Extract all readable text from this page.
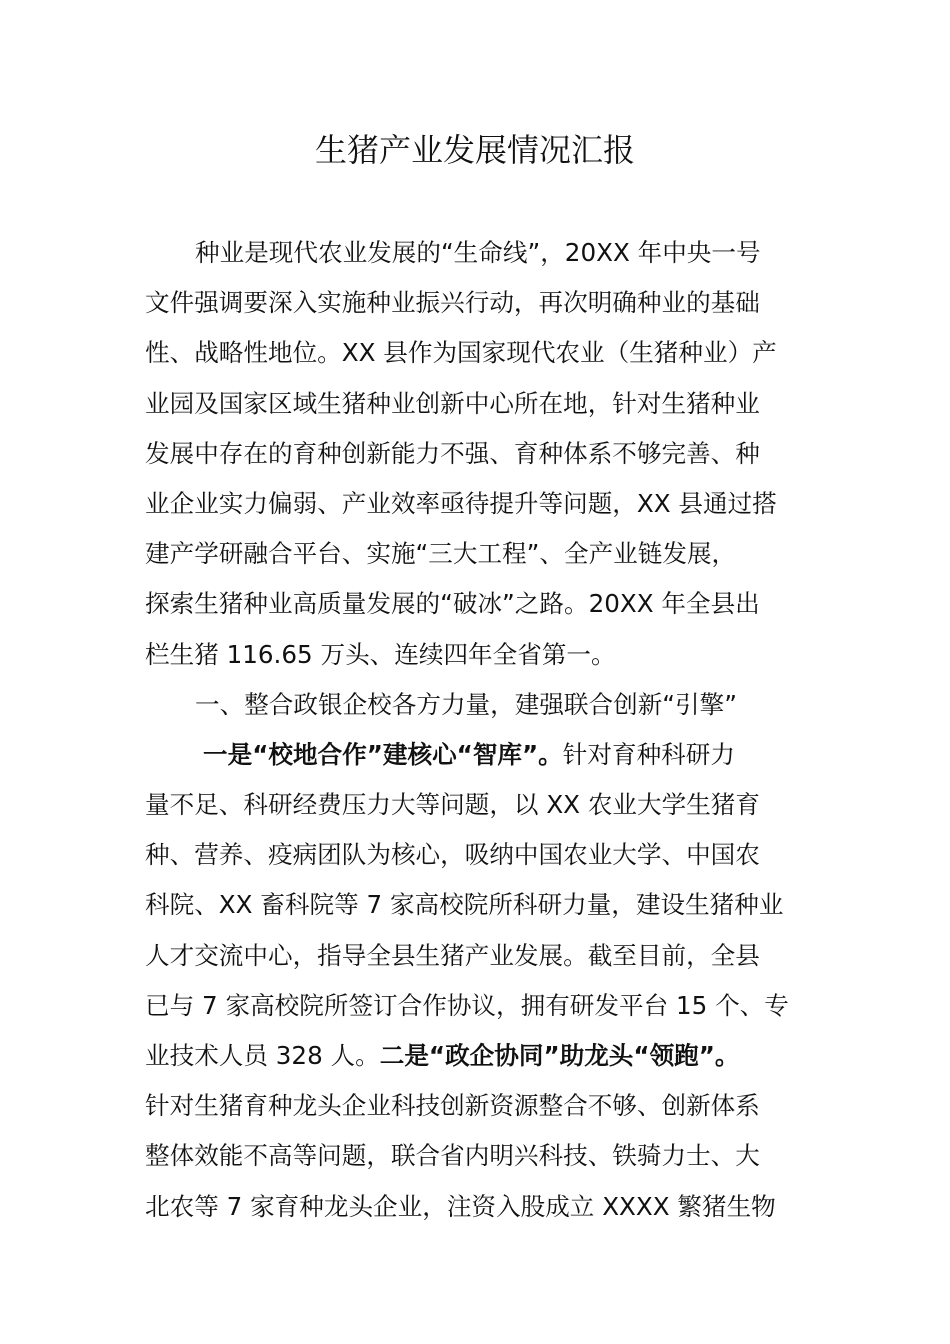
生猪产业发展情况汇报
种业是现代农业发展的“生命线”，20XX 年中央一号
文件强调要深入实施种业振兴行动，再次明确种业的基础
性、战略性地位。XX 县作为国家现代农业（生猪种业）产
业园及国家区域生猪种业创新中心所在地，针对生猪种业
发展中存在的育种创新能力不强、育种体系不够完善、种
业企业实力偏弱、产业效率亟待提升等问题，XX 县通过搭
建产学研融合平台、实施“三大工程”、全产业链发展，
探索生猪种业高质量发展的“破冰”之路。20XX 年全县出
栏生猪 116.65 万头、连续四年全省第一。
一、整合政银企校各方力量，建强联合创新“引擎”
一是“校地合作”建核心“智库”。针对育种科研力
量不足、科研经费压力大等问题，以 XX 农业大学生猪育
种、营养、疫病团队为核心，吸纳中国农业大学、中国农
科院、XX 畜科院等 7 家高校院所科研力量，建设生猪种业
人才交流中心，指导全县生猪产业发展。截至目前，全县
已与 7 家高校院所签订合作协议，拥有研发平台 15 个、专
业技术人员 328 人。二是“政企协同”助龙头“领跑”。
针对生猪育种龙头企业科技创新资源整合不够、创新体系
整体效能不高等问题，联合省内明兴科技、铁骑力士、大
北农等 7 家育种龙头企业，注资入股成立 XXXX 繁猪生物
